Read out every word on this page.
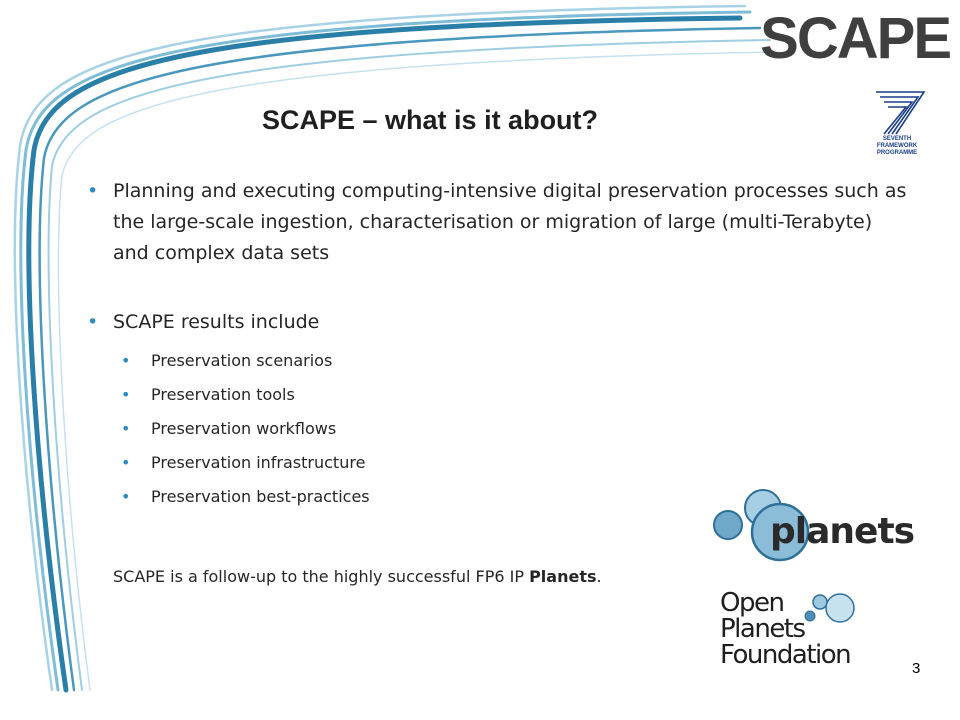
SCAPE
SEVENTH FRAMEWORK
PROGRAMME
SCAPE – what is it about?
• Planning and executing computing-intensive digital preservation processes such as the large-scale ingestion, characterisation or migration of large (multi-Terabyte) and complex data sets
• SCAPE results include
• Preservation scenarios
• Preservation tools
• Preservation workflows
• Preservation infrastructure
• Preservation best-practices
SCAPE is a follow-up to the highly successful FP6 IP Planets.
planets
Open
Planets
Foundation	3
